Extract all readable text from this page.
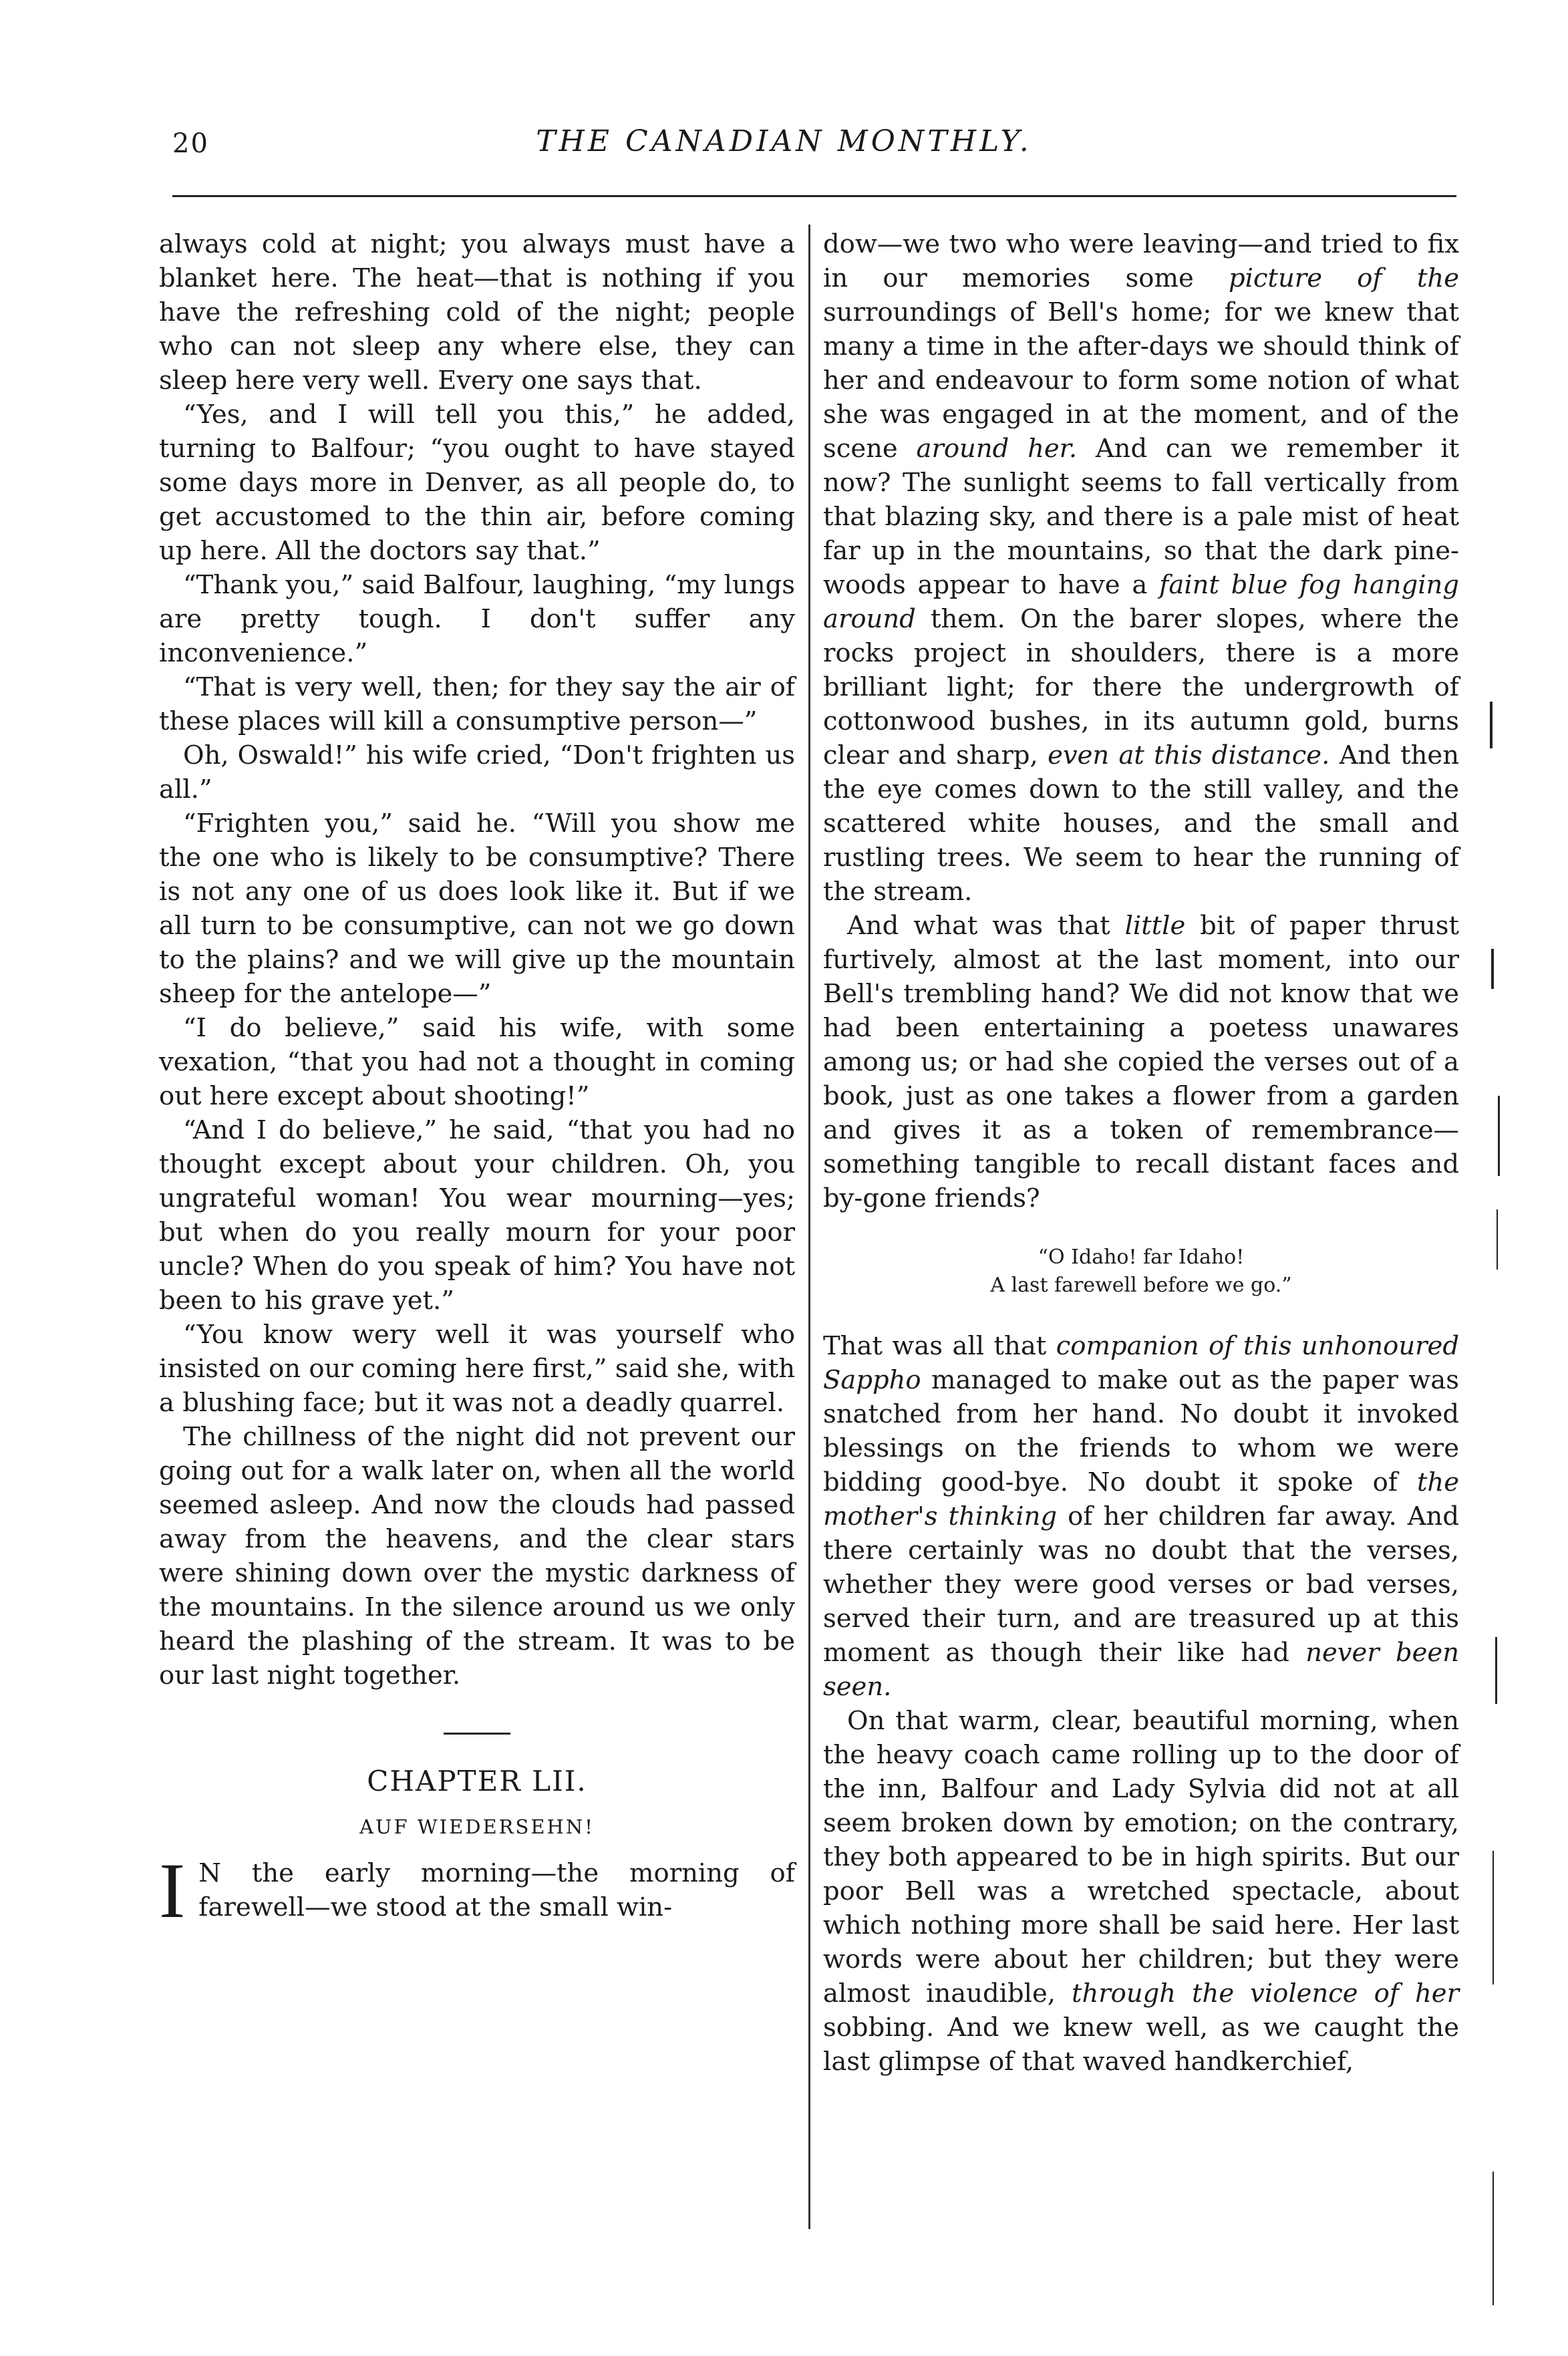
20	THE CANADIAN MONTHLY.

always cold at night; you always must have a blanket here. The heat—that is nothing if you have the refreshing cold of the night; people who can not sleep any where else, they can sleep here very well. Every one says that.

“Yes, and I will tell you this,” he added, turning to Balfour; “you ought to have stayed some days more in Denver, as all people do, to get accustomed to the thin air, before coming up here. All the doctors say that.”

“Thank you,” said Balfour, laughing, “my lungs are pretty tough. I don't suffer any inconvenience.”

“That is very well, then; for they say the air of these places will kill a consumptive person—”

Oh, Oswald!” his wife cried, “Don't frighten us all.”

“Frighten you,” said he. “Will you show me the one who is likely to be consumptive? There is not any one of us does look like it. But if we all turn to be consumptive, can not we go down to the plains? and we will give up the mountain sheep for the antelope—”

“I do believe,” said his wife, with some vexation, “that you had not a thought in coming out here except about shooting!”

“And I do believe,” he said, “that you had no thought except about your children. Oh, you ungrateful woman! You wear mourning—yes; but when do you really mourn for your poor uncle? When do you speak of him? You have not been to his grave yet.”

“You know wery well it was yourself who insisted on our coming here first,” said she, with a blushing face; but it was not a deadly quarrel.

The chillness of the night did not prevent our going out for a walk later on, when all the world seemed asleep. And now the clouds had passed away from the heavens, and the clear stars were shining down over the mystic darkness of the mountains. In the silence around us we only heard the plashing of the stream. It was to be our last night together.

CHAPTER LII.
AUF WIEDERSEHN!
I N the early morning—the morning of farewell—we stood at the small win-

dow—we two who were leaving—and tried to fix in our memories some picture of the surroundings of Bell's home; for we knew that many a time in the after-days we should think of her and endeavour to form some notion of what she was engaged in at the moment, and of the scene around her. And can we remember it now? The sunlight seems to fall vertically from that blazing sky, and there is a pale mist of heat far up in the mountains, so that the dark pine-woods appear to have a faint blue fog hanging around them. On the barer slopes, where the rocks project in shoulders, there is a more brilliant light; for there the undergrowth of cottonwood bushes, in its autumn gold, burns clear and sharp, even at this distance. And then the eye comes down to the still valley, and the scattered white houses, and the small and rustling trees. We seem to hear the running of the stream.

And what was that little bit of paper thrust furtively, almost at the last moment, into our Bell's trembling hand? We did not know that we had been entertaining a poetess unawares among us; or had she copied the verses out of a book, just as one takes a flower from a garden and gives it as a token of remembrance—something tangible to recall distant faces and by-gone friends?

“O Idaho! far Idaho!
A last farewell before we go.”

That was all that companion of this unhonoured Sappho managed to make out as the paper was snatched from her hand. No doubt it invoked blessings on the friends to whom we were bidding good-bye. No doubt it spoke of the mother's thinking of her children far away. And there certainly was no doubt that the verses, whether they were good verses or bad verses, served their turn, and are treasured up at this moment as though their like had never been seen.

On that warm, clear, beautiful morning, when the heavy coach came rolling up to the door of the inn, Balfour and Lady Sylvia did not at all seem broken down by emotion; on the contrary, they both appeared to be in high spirits. But our poor Bell was a wretched spectacle, about which nothing more shall be said here. Her last words were about her children; but they were almost inaudible, through the violence of her sobbing. And we knew well, as we caught the last glimpse of that waved handkerchief,
